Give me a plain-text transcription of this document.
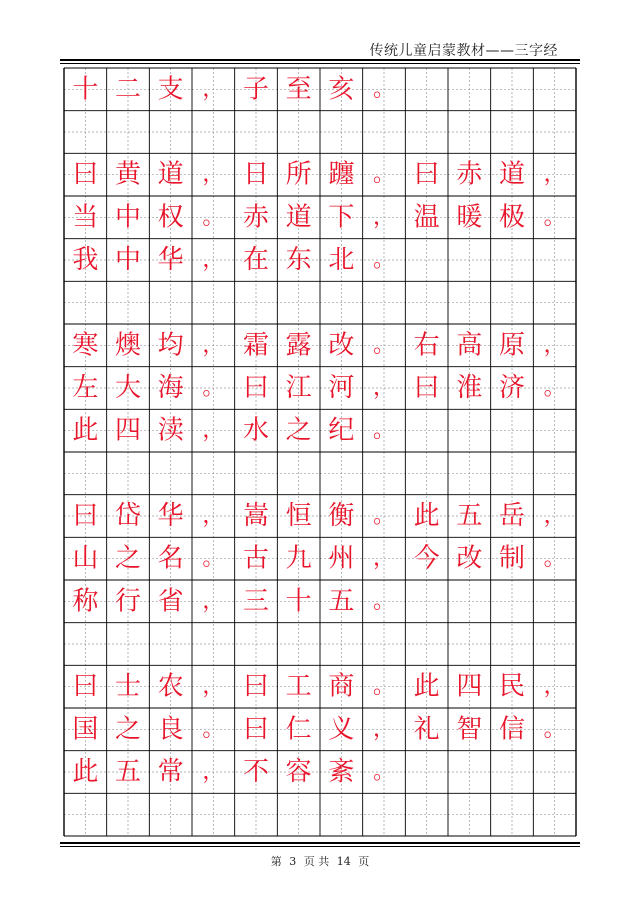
传统儿童启蒙教材——三字经
十 二 支 ， 子 至 亥 。
曰 黄 道 ， 日 所 躔 。 曰 赤 道 ，
当 中 权 。 赤 道 下 ， 温 暖 极 。
我 中 华 ， 在 东 北 。
寒 燠 均 ， 霜 露 改 。 右 高 原 ，
左 大 海 。 曰 江 河 ， 曰 淮 济 。
此 四 渎 ， 水 之 纪 。
曰 岱 华 ， 嵩 恒 衡 。 此 五 岳 ，
山 之 名 。 古 九 州 ， 今 改 制 。
称 行 省 ， 三 十 五 。
曰 士 农 ， 曰 工 商 。 此 四 民 ，
国 之 良 。 曰 仁 义 ， 礼 智 信 。
此 五 常 ， 不 容 紊 。
第 3 页 共 14 页
